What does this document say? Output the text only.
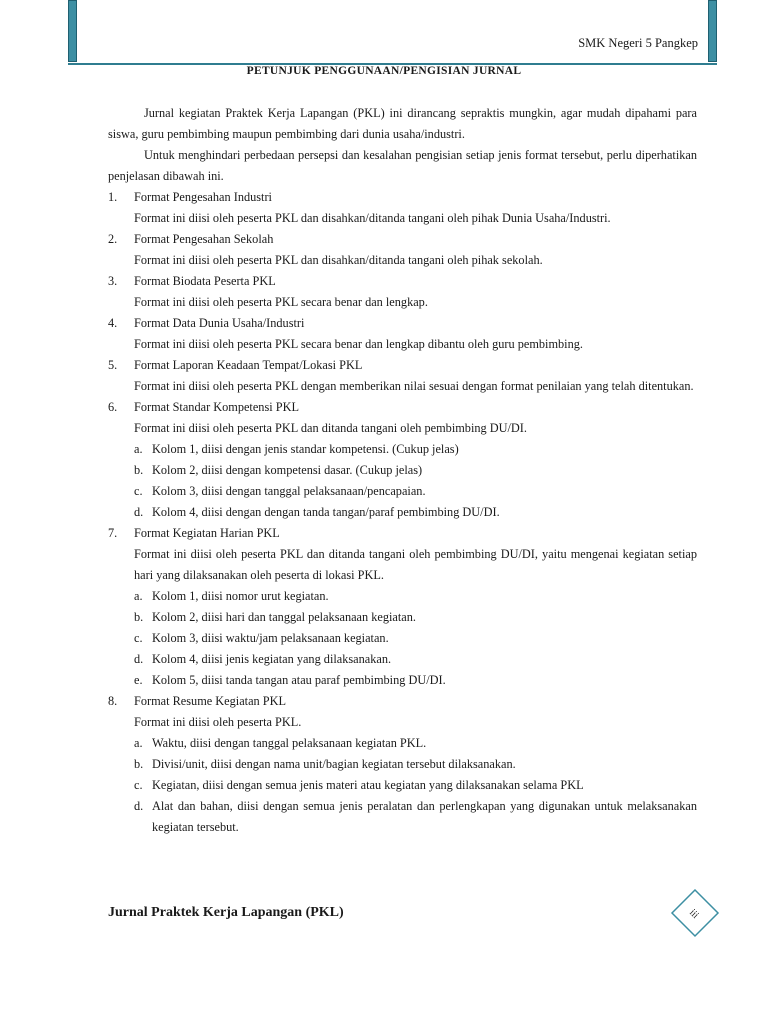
SMK Negeri 5 Pangkep
PETUNJUK PENGGUNAAN/PENGISIAN JURNAL

Jurnal kegiatan Praktek Kerja Lapangan (PKL) ini dirancang sepraktis mungkin, agar mudah dipahami para siswa, guru pembimbing maupun pembimbing dari dunia usaha/industri.

Untuk menghindari perbedaan persepsi dan kesalahan pengisian setiap jenis format tersebut, perlu diperhatikan penjelasan dibawah ini.

1. Format Pengesahan Industri

Format ini diisi oleh peserta PKL dan disahkan/ditanda tangani oleh pihak Dunia Usaha/Industri.

2. Format Pengesahan Sekolah

Format ini diisi oleh peserta PKL dan disahkan/ditanda tangani oleh pihak sekolah.

3. Format Biodata Peserta PKL

Format ini diisi oleh peserta PKL secara benar dan lengkap.

4. Format Data Dunia Usaha/Industri

Format ini diisi oleh peserta PKL secara benar dan lengkap dibantu oleh guru pembimbing.

5. Format Laporan Keadaan Tempat/Lokasi PKL

Format ini diisi oleh peserta PKL dengan memberikan nilai sesuai dengan format penilaian yang telah ditentukan.

6. Format Standar Kompetensi PKL

Format ini diisi oleh peserta PKL dan ditanda tangani oleh pembimbing DU/DI.

a. Kolom 1, diisi dengan jenis standar kompetensi. (Cukup jelas)

b. Kolom 2, diisi dengan kompetensi dasar. (Cukup jelas)

c. Kolom 3, diisi dengan tanggal pelaksanaan/pencapaian.

d. Kolom 4, diisi dengan dengan tanda tangan/paraf pembimbing DU/DI.

7. Format Kegiatan Harian PKL

Format ini diisi oleh peserta PKL dan ditanda tangani oleh pembimbing DU/DI, yaitu mengenai kegiatan setiap hari yang dilaksanakan oleh peserta di lokasi PKL.

a. Kolom 1, diisi nomor urut kegiatan.

b. Kolom 2, diisi hari dan tanggal pelaksanaan kegiatan.

c. Kolom 3, diisi waktu/jam pelaksanaan kegiatan.

d. Kolom 4, diisi jenis kegiatan yang dilaksanakan.

e. Kolom 5, diisi tanda tangan atau paraf pembimbing DU/DI.

8. Format Resume Kegiatan PKL

Format ini diisi oleh peserta PKL.

a. Waktu, diisi dengan tanggal pelaksanaan kegiatan PKL.

b. Divisi/unit, diisi dengan nama unit/bagian kegiatan tersebut dilaksanakan.

c. Kegiatan, diisi dengan semua jenis materi atau kegiatan yang dilaksanakan selama PKL

d. Alat dan bahan, diisi dengan semua jenis peralatan dan perlengkapan yang digunakan untuk melaksanakan kegiatan tersebut.

Jurnal Praktek Kerja Lapangan (PKL)	iii
